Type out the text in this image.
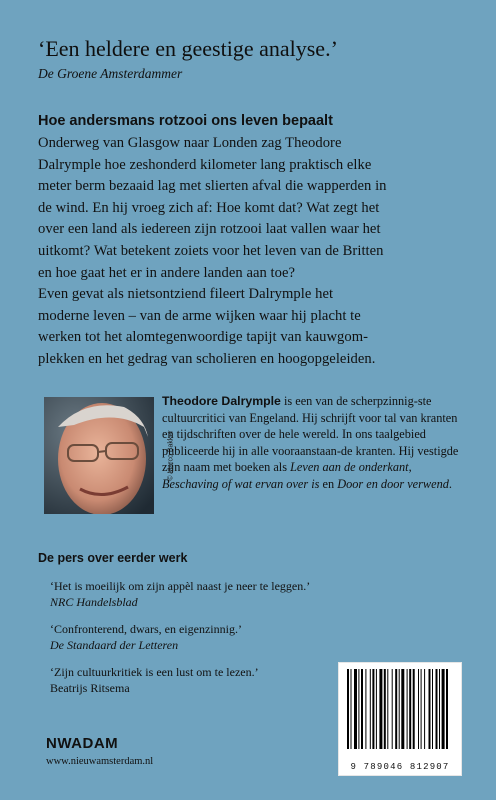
‘Een heldere en geestige analyse.’
De Groene Amsterdammer
Hoe andersmans rotzooi ons leven bepaalt
Onderweg van Glasgow naar Londen zag Theodore
Dalrymple hoe zeshonderd kilometer lang praktisch elke
meter berm bezaaid lag met slierten afval die wapperden in
de wind. En hij vroeg zich af: Hoe komt dat? Wat zegt het
over een land als iedereen zijn rotzooi laat vallen waar het
uitkomt? Wat betekent zoiets voor het leven van de Britten
en hoe gaat het er in andere landen aan toe?
Even gevat als nietsontziend fileert Dalrymple het
moderne leven – van de arme wijken waar hij placht te
werken tot het alomtegenwoordige tapijt van kauwgom-
plekken en het gedrag van scholieren en hoogopgeleiden.
© Marco Bakker
Theodore Dalrymple is een van de scherpzinnig-ste cultuurcritici van Engeland. Hij schrijft voor tal van kranten en tijdschriften over de hele wereld. In ons taalgebied publiceerde hij in alle vooraanstaan-de kranten. Hij vestigde zijn naam met boeken als Leven aan de onderkant, Beschaving of wat ervan over is en Door en door verwend.
De pers over eerder werk
‘Het is moeilijk om zijn appèl naast je neer te leggen.’
NRC Handelsblad
‘Confronterend, dwars, en eigenzinnig.’
De Standaard der Letteren
‘Zijn cultuurkritiek is een lust om te lezen.’
Beatrijs Ritsema
NWADAM
www.nieuwamsterdam.nl	9 789046 812907
